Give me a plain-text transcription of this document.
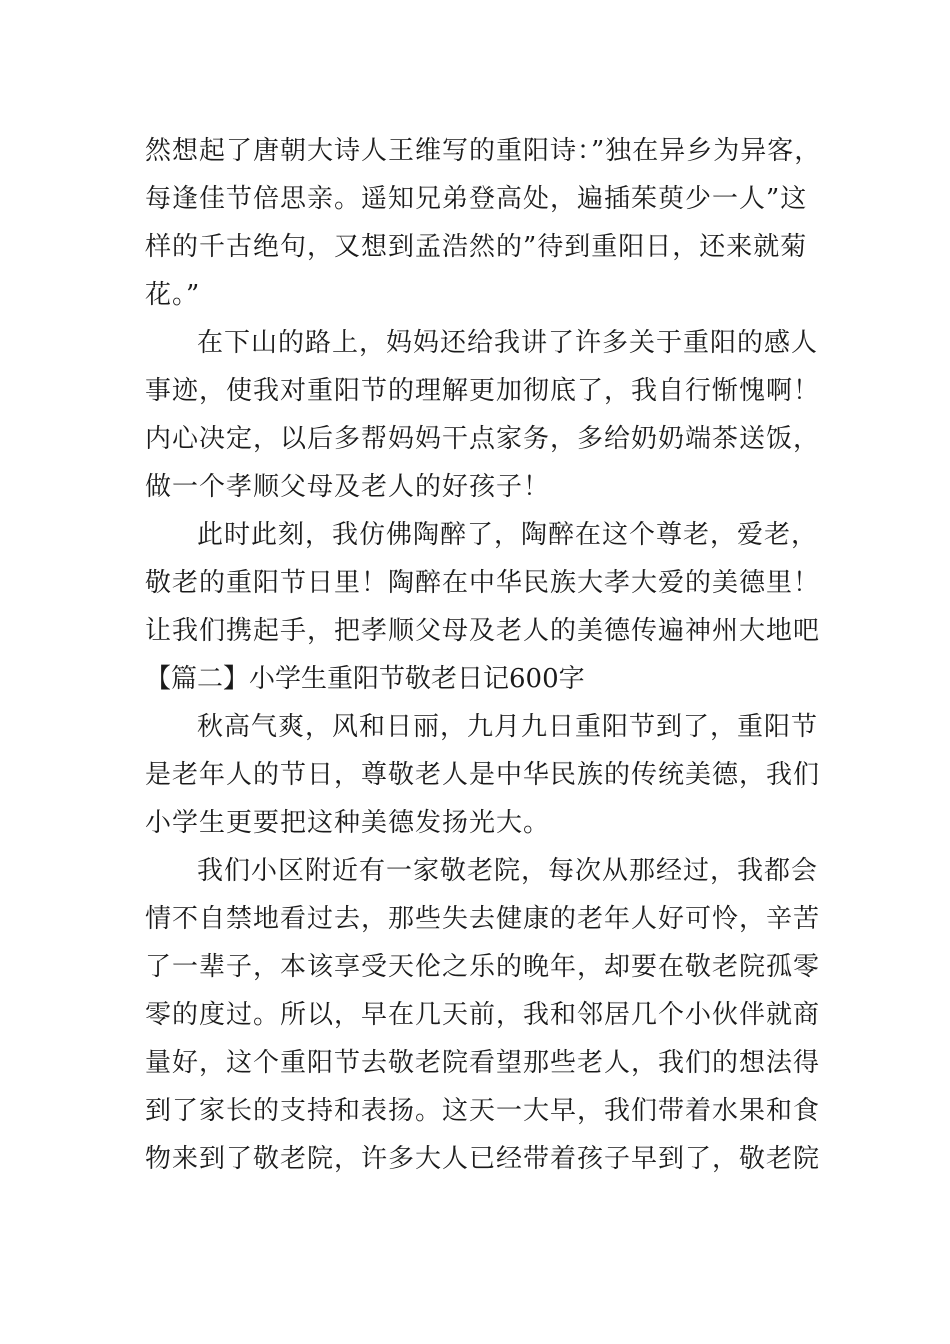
然想起了唐朝大诗人王维写的重阳诗：”独在异乡为异客，
每逢佳节倍思亲。遥知兄弟登高处，遍插茱萸少一人”这
样的千古绝句，又想到孟浩然的”待到重阳日，还来就菊
花。”
在下山的路上，妈妈还给我讲了许多关于重阳的感人
事迹，使我对重阳节的理解更加彻底了，我自行惭愧啊！
内心决定，以后多帮妈妈干点家务，多给奶奶端茶送饭，
做一个孝顺父母及老人的好孩子！
此时此刻，我仿佛陶醉了，陶醉在这个尊老，爱老，
敬老的重阳节日里！陶醉在中华民族大孝大爱的美德里！
让我们携起手，把孝顺父母及老人的美德传遍神州大地吧
【篇二】小学生重阳节敬老日记600字
秋高气爽，风和日丽，九月九日重阳节到了，重阳节
是老年人的节日，尊敬老人是中华民族的传统美德，我们
小学生更要把这种美德发扬光大。
我们小区附近有一家敬老院，每次从那经过，我都会
情不自禁地看过去，那些失去健康的老年人好可怜，辛苦
了一辈子，本该享受天伦之乐的晚年，却要在敬老院孤零
零的度过。所以，早在几天前，我和邻居几个小伙伴就商
量好，这个重阳节去敬老院看望那些老人，我们的想法得
到了家长的支持和表扬。这天一大早，我们带着水果和食
物来到了敬老院，许多大人已经带着孩子早到了，敬老院
